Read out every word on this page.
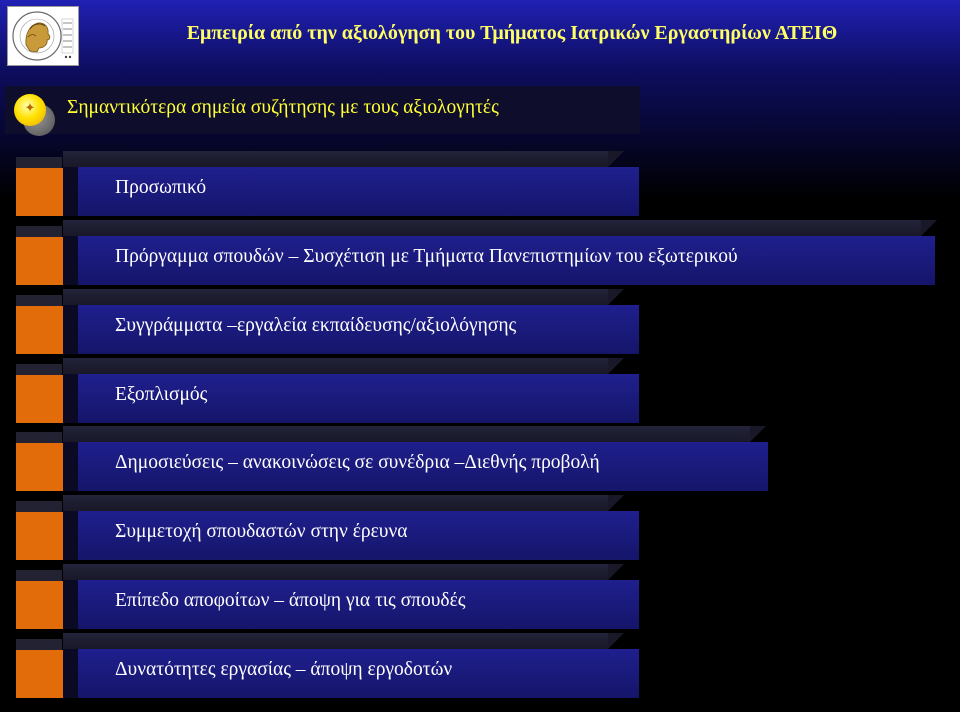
Εμπειρία από την αξιολόγηση του Τμήματος Ιατρικών Εργαστηρίων ΑΤΕΙΘ
✦ Σημαντικότερα σημεία συζήτησης με τους αξιολογητές
Προσωπικό
Πρόργαμμα σπουδών – Συσχέτιση με Τμήματα Πανεπιστημίων του εξωτερικού
Συγγράμματα –εργαλεία εκπαίδευσης/αξιολόγησης
Εξοπλισμός
Δημοσιεύσεις – ανακοινώσεις σε συνέδρια –Διεθνής προβολή
Συμμετοχή σπουδαστών στην έρευνα
Επίπεδο αποφοίτων – άποψη για τις σπουδές
Δυνατότητες εργασίας – άποψη εργοδοτών
